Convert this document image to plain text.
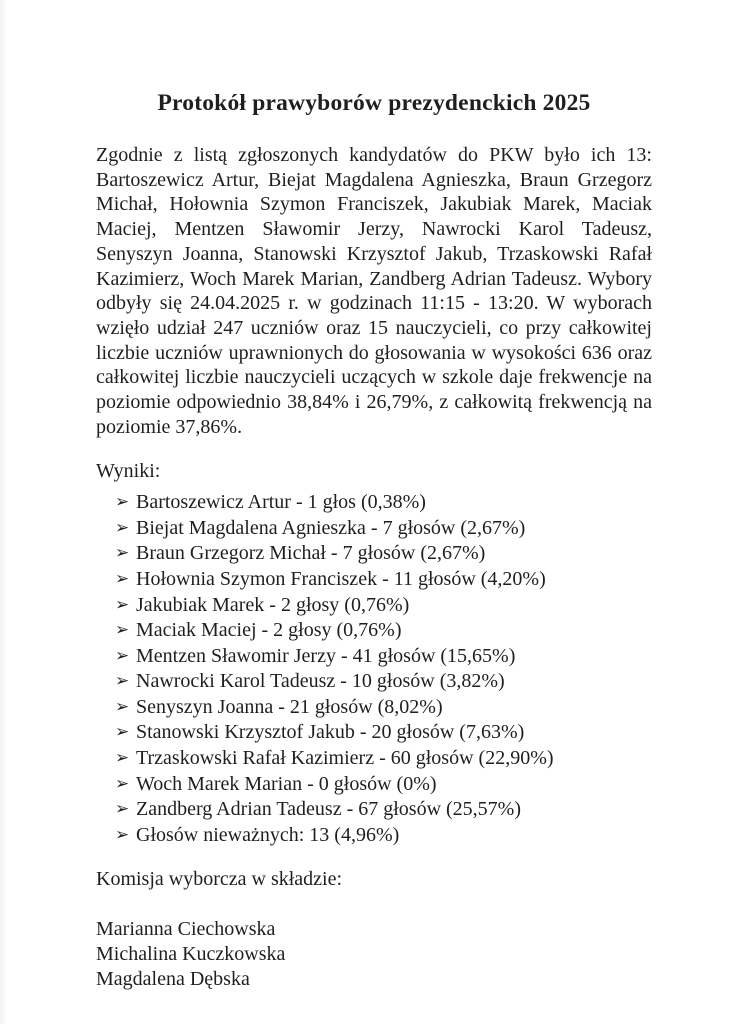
Protokół prawyborów prezydenckich 2025

Zgodnie z listą zgłoszonych kandydatów do PKW było ich 13: Bartoszewicz Artur, Biejat Magdalena Agnieszka, Braun Grzegorz Michał, Hołownia Szymon Franciszek, Jakubiak Marek, Maciak Maciej, Mentzen Sławomir Jerzy, Nawrocki Karol Tadeusz, Senyszyn Joanna, Stanowski Krzysztof Jakub, Trzaskowski Rafał Kazimierz, Woch Marek Marian, Zandberg Adrian Tadeusz. Wybory odbyły się 24.04.2025 r. w godzinach 11:15 - 13:20. W wyborach wzięło udział 247 uczniów oraz 15 nauczycieli, co przy całkowitej liczbie uczniów uprawnionych do głosowania w wysokości 636 oraz całkowitej liczbie nauczycieli uczących w szkole daje frekwencje na poziomie odpowiednio 38,84% i 26,79%, z całkowitą frekwencją na poziomie 37,86%.

Wyniki:

➢ Bartoszewicz Artur - 1 głos (0,38%)
➢ Biejat Magdalena Agnieszka - 7 głosów (2,67%)
➢ Braun Grzegorz Michał - 7 głosów (2,67%)
➢ Hołownia Szymon Franciszek - 11 głosów (4,20%)
➢ Jakubiak Marek - 2 głosy (0,76%)
➢ Maciak Maciej - 2 głosy (0,76%)
➢ Mentzen Sławomir Jerzy - 41 głosów (15,65%)
➢ Nawrocki Karol Tadeusz - 10 głosów (3,82%)
➢ Senyszyn Joanna - 21 głosów (8,02%)
➢ Stanowski Krzysztof Jakub - 20 głosów (7,63%)
➢ Trzaskowski Rafał Kazimierz - 60 głosów (22,90%)
➢ Woch Marek Marian - 0 głosów (0%)
➢ Zandberg Adrian Tadeusz - 67 głosów (25,57%)
➢ Głosów nieważnych: 13 (4,96%)

Komisja wyborcza w składzie:

Marianna Ciechowska
Michalina Kuczkowska
Magdalena Dębska
